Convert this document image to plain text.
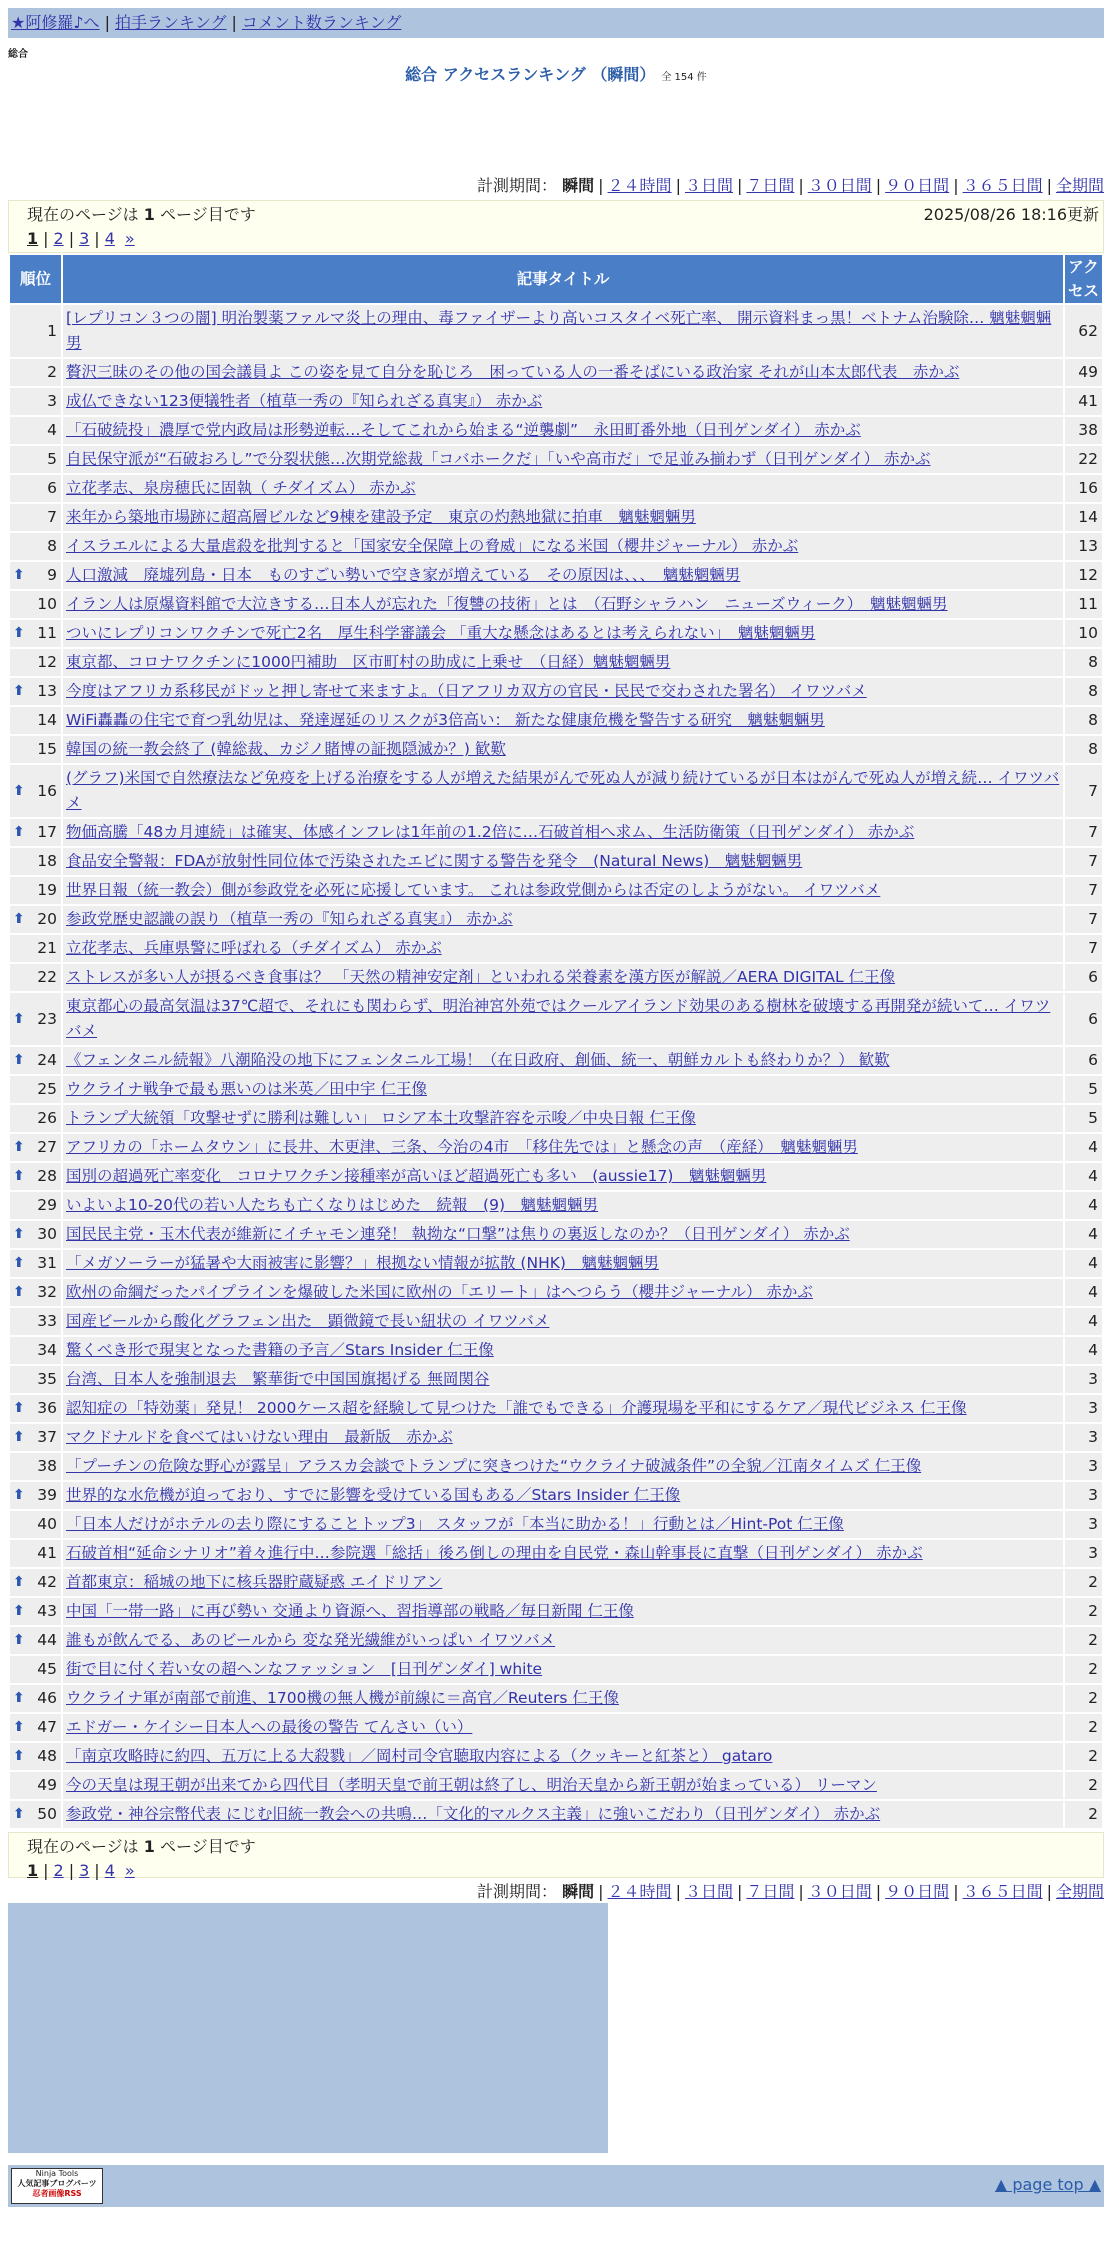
★阿修羅♪へ | 拍手ランキング | コメント数ランキング
総合
総合 アクセスランキング （瞬間） 全 154 件
計測期間： 瞬間 | ２４時間 | ３日間 | ７日間 | ３０日間 | ９０日間 | ３６５日間 | 全期間
現在のページは 1 ページ目です	2025/08/26 18:16更新
1 | 2 | 3 | 4 »
順位	記事タイトル	アクセス
1	[レプリコン３つの闇] 明治製薬ファルマ炎上の理由、毒ファイザーより高いコスタイベ死亡率、 開示資料まっ黒！ベトナム治験除… 魑魅魍魎男	62
2	贅沢三昧のその他の国会議員よ この姿を見て自分を恥じろ　困っている人の一番そばにいる政治家 それが山本太郎代表　赤かぶ	49
3	成仏できない123便犠牲者（植草一秀の『知られざる真実』） 赤かぶ	41
4	「石破続投」濃厚で党内政局は形勢逆転…そしてこれから始まる“逆襲劇”　永田町番外地（日刊ゲンダイ） 赤かぶ	38
5	自民保守派が“石破おろし”で分裂状態…次期党総裁「コバホークだ」「いや高市だ」で足並み揃わず（日刊ゲンダイ） 赤かぶ	22
6	立花孝志、泉房穂氏に固執（ チダイズム） 赤かぶ	16
7	来年から築地市場跡に超高層ビルなど9棟を建設予定　東京の灼熱地獄に拍車　魑魅魍魎男	14
8	イスラエルによる大量虐殺を批判すると「国家安全保障上の脅威」になる米国（櫻井ジャーナル） 赤かぶ	13

⬆ 9	人口激減　廃墟列島・日本　ものすごい勢いで空き家が増えている　その原因は、、、　魑魅魍魎男	12
10	イラン人は原爆資料館で大泣きする…日本人が忘れた「復讐の技術」とは　（石野シャラハン　ニューズウィーク）　魑魅魍魎男	11

⬆ 11	ついにレプリコンワクチンで死亡2名　厚生科学審議会 「重大な懸念はあるとは考えられない」　魑魅魍魎男	10
12	東京都、コロナワクチンに1000円補助　区市町村の助成に上乗せ　（日経）魑魅魍魎男	8

⬆ 13	今度はアフリカ系移民がドッと押し寄せて来ますよ。（日アフリカ双方の官民・民民で交わされた署名） イワツバメ	8
14	WiFi轟轟の住宅で育つ乳幼児は、発達遅延のリスクが3倍高い： 新たな健康危機を警告する研究　魑魅魍魎男	8
15	韓国の統一教会終了 (韓総裁、カジノ賭博の証拠隠滅か？) 歓歎	8

⬆ 16	(グラフ)米国で自然療法など免疫を上げる治療をする人が増えた結果がんで死ぬ人が減り続けているが日本はがんで死ぬ人が増え続… イワツバメ	7

⬆ 17	物価高騰「48カ月連続」は確実、体感インフレは1年前の1.2倍に…石破首相へ求ム、生活防衛策（日刊ゲンダイ） 赤かぶ	7
18	食品安全警報：FDAが放射性同位体で汚染されたエビに関する警告を発令　(Natural News)　魑魅魍魎男	7
19	世界日報（統一教会）側が参政党を必死に応援しています。 これは参政党側からは否定のしようがない。 イワツバメ	7

⬆ 20	参政党歴史認識の誤り（植草一秀の『知られざる真実』） 赤かぶ	7
21	立花孝志、兵庫県警に呼ばれる（チダイズム） 赤かぶ	7
22	ストレスが多い人が摂るべき食事は？ 「天然の精神安定剤」といわれる栄養素を漢方医が解説／AERA DIGITAL 仁王像	6

⬆ 23	東京都心の最高気温は37℃超で、それにも関わらず、明治神宮外苑ではクールアイランド効果のある樹林を破壊する再開発が続いて… イワツバメ	6

⬆ 24	《フェンタニル続報》八潮陥没の地下にフェンタニル工場！（在日政府、創価、統一、朝鮮カルトも終わりか？） 歓歎	6
25	ウクライナ戦争で最も悪いのは米英／田中宇 仁王像	5
26	トランプ大統領「攻撃せずに勝利は難しい」 ロシア本土攻撃許容を示唆／中央日報 仁王像	5

⬆ 27	アフリカの「ホームタウン」に長井、木更津、三条、今治の4市　「移住先では」と懸念の声　（産経）　魑魅魍魎男	4

⬆ 28	国別の超過死亡率変化　コロナワクチン接種率が高いほど超過死亡も多い　(aussie17)　魑魅魍魎男	4
29	いよいよ10-20代の若い人たちも亡くなりはじめた　続報　(9)　魑魅魍魎男	4

⬆ 30	国民民主党・玉木代表が維新にイチャモン連発！ 執拗な“口撃”は焦りの裏返しなのか？（日刊ゲンダイ） 赤かぶ	4

⬆ 31	「メガソーラーが猛暑や大雨被害に影響？」根拠ない情報が拡散 (NHK)　魑魅魍魎男	4

⬆ 32	欧州の命綱だったパイプラインを爆破した米国に欧州の「エリート」はへつらう（櫻井ジャーナル） 赤かぶ	4
33	国産ビールから酸化グラフェン出た　顕微鏡で長い紐状の イワツバメ	4
34	驚くべき形で現実となった書籍の予言／Stars Insider 仁王像	4
35	台湾、日本人を強制退去　繁華街で中国国旗掲げる 無岡関谷	3

⬆ 36	認知症の「特効薬」発見！ 2000ケース超を経験して見つけた「誰でもできる」介護現場を平和にするケア／現代ビジネス 仁王像	3

⬆ 37	マクドナルドを食べてはいけない理由　最新版　赤かぶ	3
38	「プーチンの危険な野心が露呈」アラスカ会談でトランプに突きつけた“ウクライナ破滅条件”の全貌／江南タイムズ 仁王像	3

⬆ 39	世界的な水危機が迫っており、すでに影響を受けている国もある／Stars Insider 仁王像	3
40	「日本人だけがホテルの去り際にすることトップ3」 スタッフが「本当に助かる！」行動とは／Hint-Pot 仁王像	3
41	石破首相“延命シナリオ”着々進行中…参院選「総括」後ろ倒しの理由を自民党・森山幹事長に直撃（日刊ゲンダイ） 赤かぶ	3

⬆ 42	首都東京：稲城の地下に核兵器貯蔵疑惑 エイドリアン	2

⬆ 43	中国「一帯一路」に再び勢い 交通より資源へ、習指導部の戦略／毎日新聞 仁王像	2

⬆ 44	誰もが飲んでる、あのビールから 変な発光繊維がいっぱい イワツバメ	2
45	街で目に付く若い女の超ヘンなファッション　[日刊ゲンダイ] white	2

⬆ 46	ウクライナ軍が南部で前進、1700機の無人機が前線に＝高官／Reuters 仁王像	2

⬆ 47	エドガー・ケイシー日本人への最後の警告 てんさい（い）	2

⬆ 48	「南京攻略時に約四、五万に上る大殺戮」／岡村司令官聴取内容による（クッキーと紅茶と） gataro	2
49	今の天皇は現王朝が出来てから四代目（孝明天皇で前王朝は終了し、明治天皇から新王朝が始まっている） リーマン	2

⬆ 50	参政党・神谷宗幣代表 にじむ旧統一教会への共鳴…「文化的マルクス主義」に強いこだわり（日刊ゲンダイ） 赤かぶ	2
現在のページは 1 ページ目です
1 | 2 | 3 | 4 »
計測期間： 瞬間 | ２４時間 | ３日間 | ７日間 | ３０日間 | ９０日間 | ３６５日間 | 全期間
Ninja Tools
人気記事ブログパーツ
忍者画像RSS	▲ page top ▲
